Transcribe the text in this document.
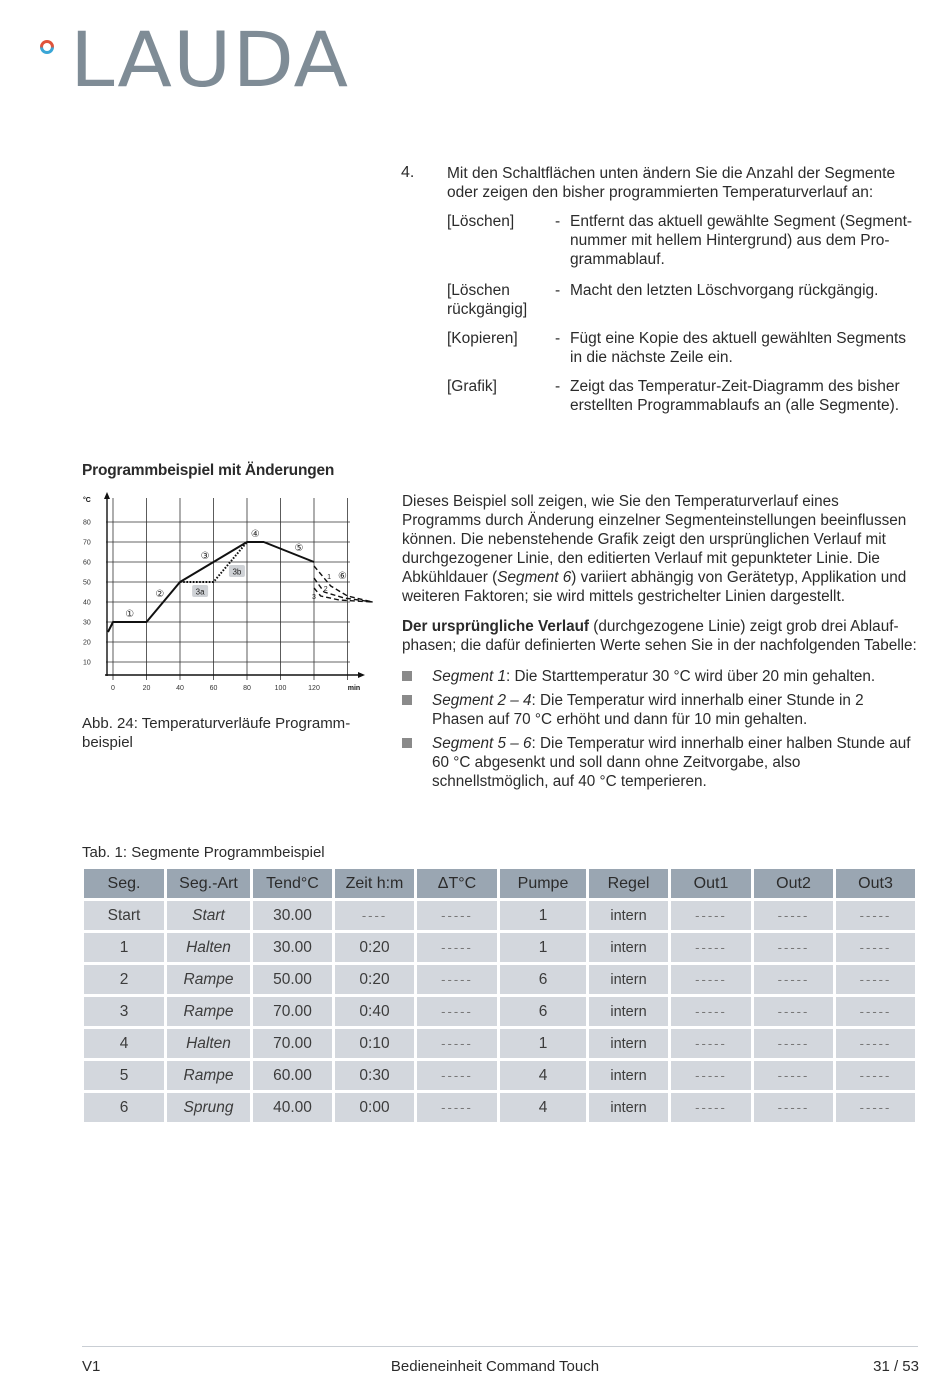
LAUDA
4. Mit den Schaltflächen unten ändern Sie die Anzahl der Segmente oder zeigen den bisher programmierten Temperaturverlauf an:
[Löschen]	- Entfernt das aktuell gewählte Segment (Segmentnummer mit hellem Hintergrund) aus dem Programmablauf.
[Löschen rückgängig]
- Macht den letzten Löschvorgang rückgängig.
[Kopieren]	- Fügt eine Kopie des aktuell gewählten Segments in die nächste Zeile ein.
[Grafik]	- Zeigt das Temperatur-Zeit-Diagramm des bisher erstellten Programmablaufs an (alle Segmente).
Programmbeispiel mit Änderungen
0	20	40	60	80	100	120
10
20
30
40
50
60
70
80
min
°C
①
②
③
④
⑤
⑥
3a
3b
1
2
3
Abb. 24: Temperaturverläufe Programmbeispiel
Dieses Beispiel soll zeigen, wie Sie den Temperaturverlauf eines Programms durch Änderung einzelner Segmenteinstellungen beeinflussen können. Die nebenstehende Grafik zeigt den ursprünglichen Verlauf mit durchgezogener Linie, den editierten Verlauf mit gepunkteter Linie. Die Abkühldauer (Segment 6) variiert abhängig von Gerätetyp, Applikation und weiteren Faktoren; sie wird mittels gestrichelter Linien dargestellt.
Der ursprüngliche Verlauf (durchgezogene Linie) zeigt grob drei Ablaufphasen; die dafür definierten Werte sehen Sie in der nachfolgenden Tabelle:
Segment 1: Die Starttemperatur 30 °C wird über 20 min gehalten.
Segment 2 – 4: Die Temperatur wird innerhalb einer Stunde in 2 Phasen auf 70 °C erhöht und dann für 10 min gehalten.
Segment 5 – 6: Die Temperatur wird innerhalb einer halben Stunde auf 60 °C abgesenkt und soll dann ohne Zeitvorgabe, also schnellstmöglich, auf 40 °C temperieren.
Tab. 1: Segmente Programmbeispiel
Seg.	Seg.-Art	Tend°C	Zeit h:m	ΔT°C	Pumpe	Regel	Out1	Out2	Out3
Start	Start	30.00	----	-----	1	intern	-----	-----	-----
1	Halten	30.00	0:20	-----	1	intern	-----	-----	-----
2	Rampe	50.00	0:20	-----	6	intern	-----	-----	-----
3	Rampe	70.00	0:40	-----	6	intern	-----	-----	-----
4	Halten	70.00	0:10	-----	1	intern	-----	-----	-----
5	Rampe	60.00	0:30	-----	4	intern	-----	-----	-----
6	Sprung	40.00	0:00	-----	4	intern	-----	-----	-----
V1	Bedieneinheit Command Touch	31 / 53
